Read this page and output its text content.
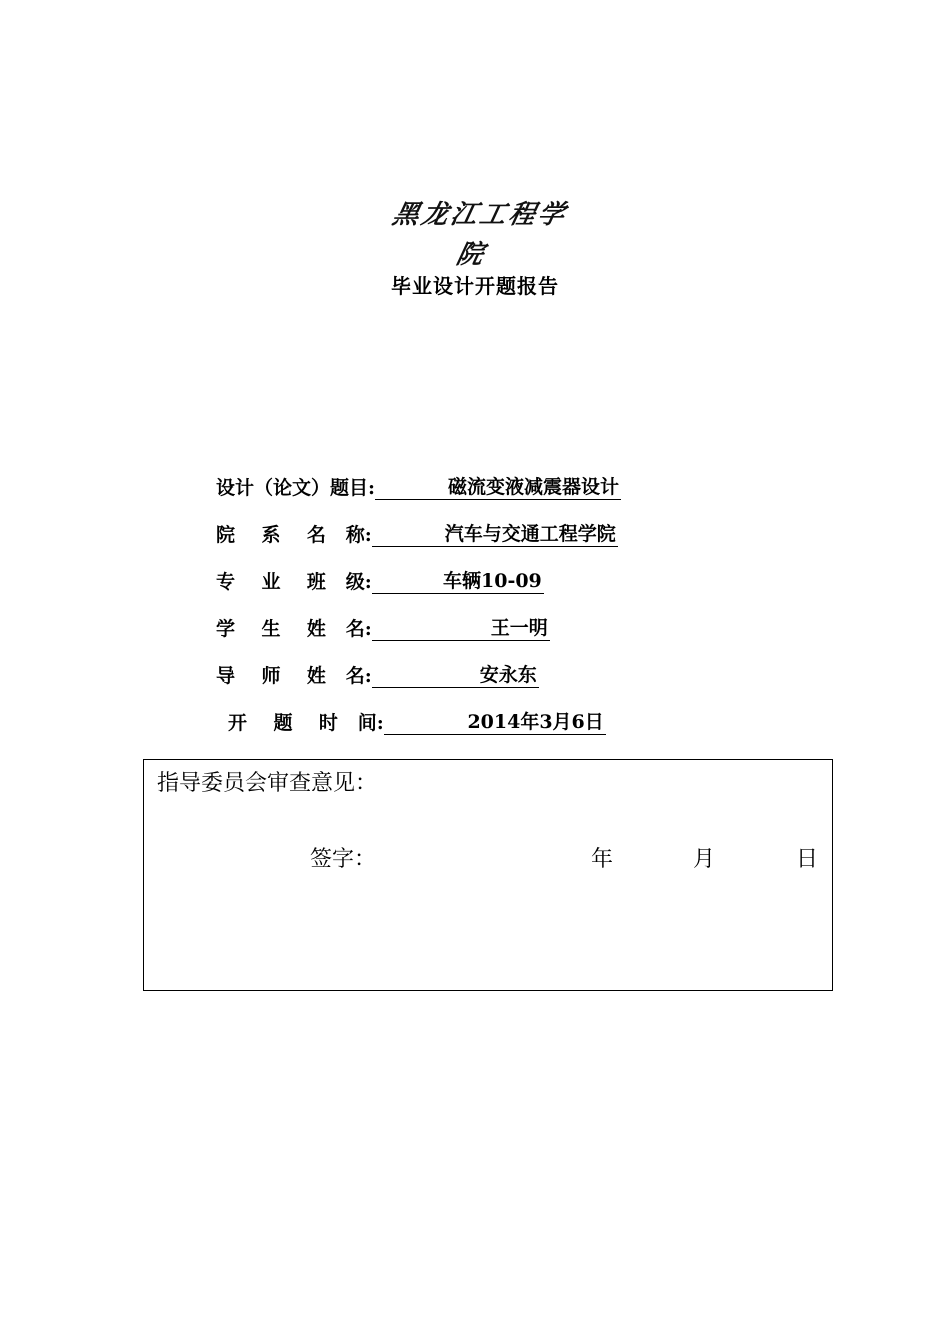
黑龙江工程学院
毕业设计开题报告
设计（论文）题目:	磁流变液减震器设计
院    系    名   称:	汽车与交通工程学院
专    业    班   级:	车辆10-09
学    生    姓   名:	王一明
导    师    姓   名:	安永东
开    题    时   间:	2014年3月6日
指导委员会审查意见：
签字：	年	月	日
